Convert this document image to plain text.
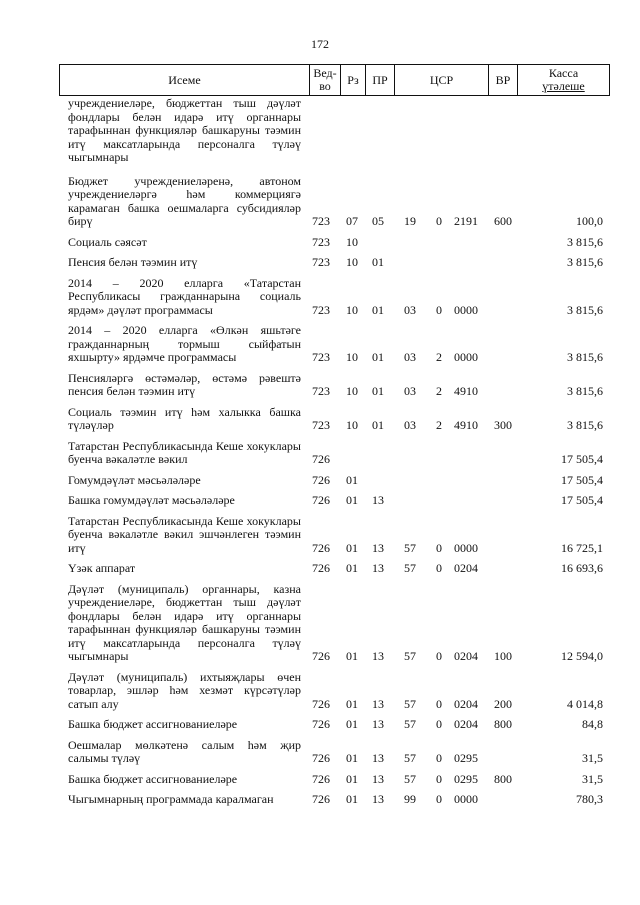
172
Исеме	Вед-во	Рз	ПР	ЦСР	ВР	Касса
үтәлеше
учреждениеләре, бюджеттан тыш дәүләт фондлары белән идарә итү органнары тарафыннан функцияләр башкаруны тәэмин итү максатларында персоналга түләү чыгымнары
Бюджет учреждениеләренә, автоном учреждениеләргә һәм коммерциягә карамаган башка оешмаларга субсидияләр бирү	723 07 05 19 0 2191 600	100,0
Социаль сәясәт	723 10	3 815,6
Пенсия белән тәэмин итү	723 10 01	3 815,6
2014 – 2020 елларга «Татарстан Республикасы гражданнарына социаль ярдәм» дәүләт программасы	723 10 01 03 0 0000	3 815,6
2014 – 2020 елларга «Өлкән яшьтәге гражданнарның тормыш сыйфатын яхшырту» ярдәмче программасы	723 10 01 03 2 0000	3 815,6
Пенсияләргә өстәмәләр, өстәмә рәвештә пенсия белән тәэмин итү	723 10 01 03 2 4910	3 815,6
Социаль тәэмин итү һәм халыкка башка түләүләр	723 10 01 03 2 4910 300	3 815,6
Татарстан Республикасында Кеше хокуклары буенча вәкаләтле вәкил	726	17 505,4
Гомумдәүләт мәсьәләләре	726 01	17 505,4
Башка гомумдәүләт мәсьәләләре	726 01 13	17 505,4
Татарстан Республикасында Кеше хокуклары буенча вәкаләтле вәкил эшчәнлеген тәэмин итү	726 01 13 57 0 0000	16 725,1
Үзәк аппарат	726 01 13 57 0 0204	16 693,6
Дәүләт (муниципаль) органнары, казна учреждениеләре, бюджеттан тыш дәүләт фондлары белән идарә итү органнары тарафыннан функцияләр башкаруны тәэмин итү максатларында персоналга түләү чыгымнары	726 01 13 57 0 0204 100	12 594,0
Дәүләт (муниципаль) ихтыяҗлары өчен товарлар, эшләр һәм хезмәт күрсәтүләр сатып алу	726 01 13 57 0 0204 200	4 014,8
Башка бюджет ассигнованиеләре	726 01 13 57 0 0204 800	84,8
Оешмалар мөлкәтенә салым һәм җир салымы түләү	726 01 13 57 0 0295	31,5
Башка бюджет ассигнованиеләре	726 01 13 57 0 0295 800	31,5
Чыгымнарның программада каралмаган	726 01 13 99 0 0000	780,3
